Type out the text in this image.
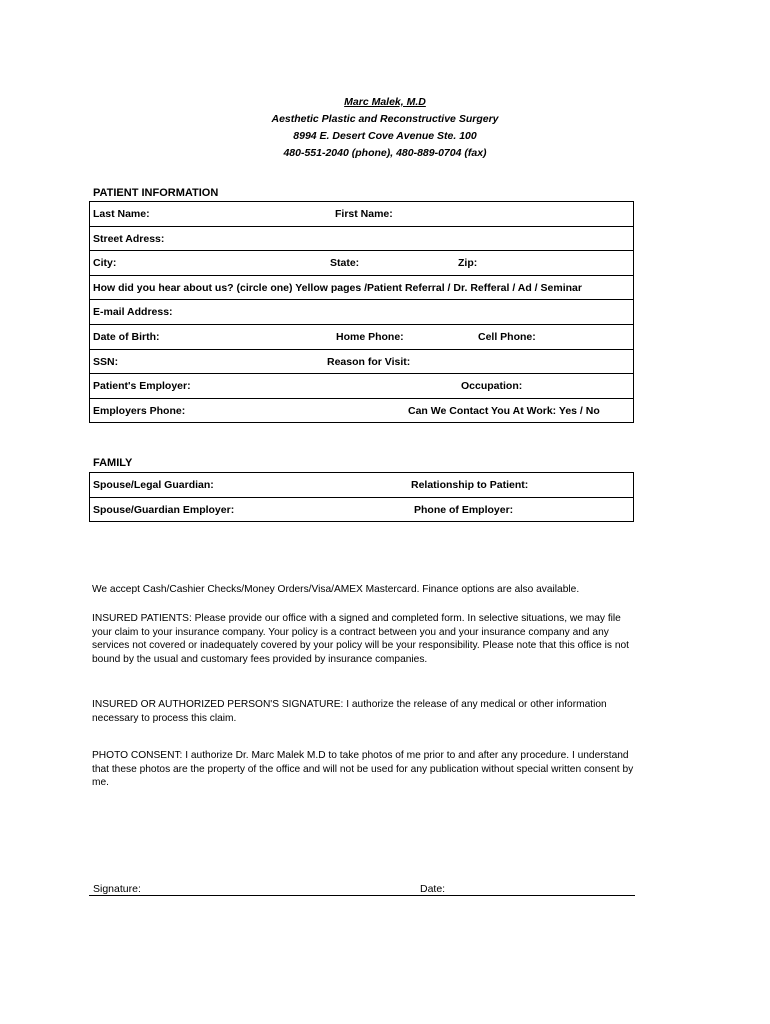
Marc Malek, M.D
Aesthetic Plastic and Reconstructive Surgery
8994 E. Desert Cove Avenue Ste. 100
480-551-2040 (phone), 480-889-0704 (fax)
PATIENT INFORMATION
Last Name:	First Name:
Street Adress:
City:	State:	Zip:
How did you hear about us? (circle one) Yellow pages /Patient Referral / Dr. Refferal / Ad / Seminar
E-mail Address:
Date of Birth:	Home Phone:	Cell Phone:
SSN:	Reason for Visit:
Patient's Employer:	Occupation:
Employers Phone:	Can We Contact You At Work: Yes / No
FAMILY
Spouse/Legal Guardian:	Relationship to Patient:
Spouse/Guardian Employer:	Phone of Employer:
We accept Cash/Cashier Checks/Money Orders/Visa/AMEX Mastercard. Finance options are also available.
INSURED PATIENTS: Please provide our office with a signed and completed form. In selective situations, we may file your claim to your insurance company. Your policy is a contract between you and your insurance company and any services not covered or inadequately covered by your policy will be your responsibility. Please note that this office is not bound by the usual and customary fees provided by insurance companies.
INSURED OR AUTHORIZED PERSON'S SIGNATURE: I authorize the release of any medical or other information necessary to process this claim.
PHOTO CONSENT: I authorize Dr. Marc Malek M.D to take photos of me prior to and after any procedure. I understand that these photos are the property of the office and will not be used for any publication without special written consent by me.
Signature:	Date:
